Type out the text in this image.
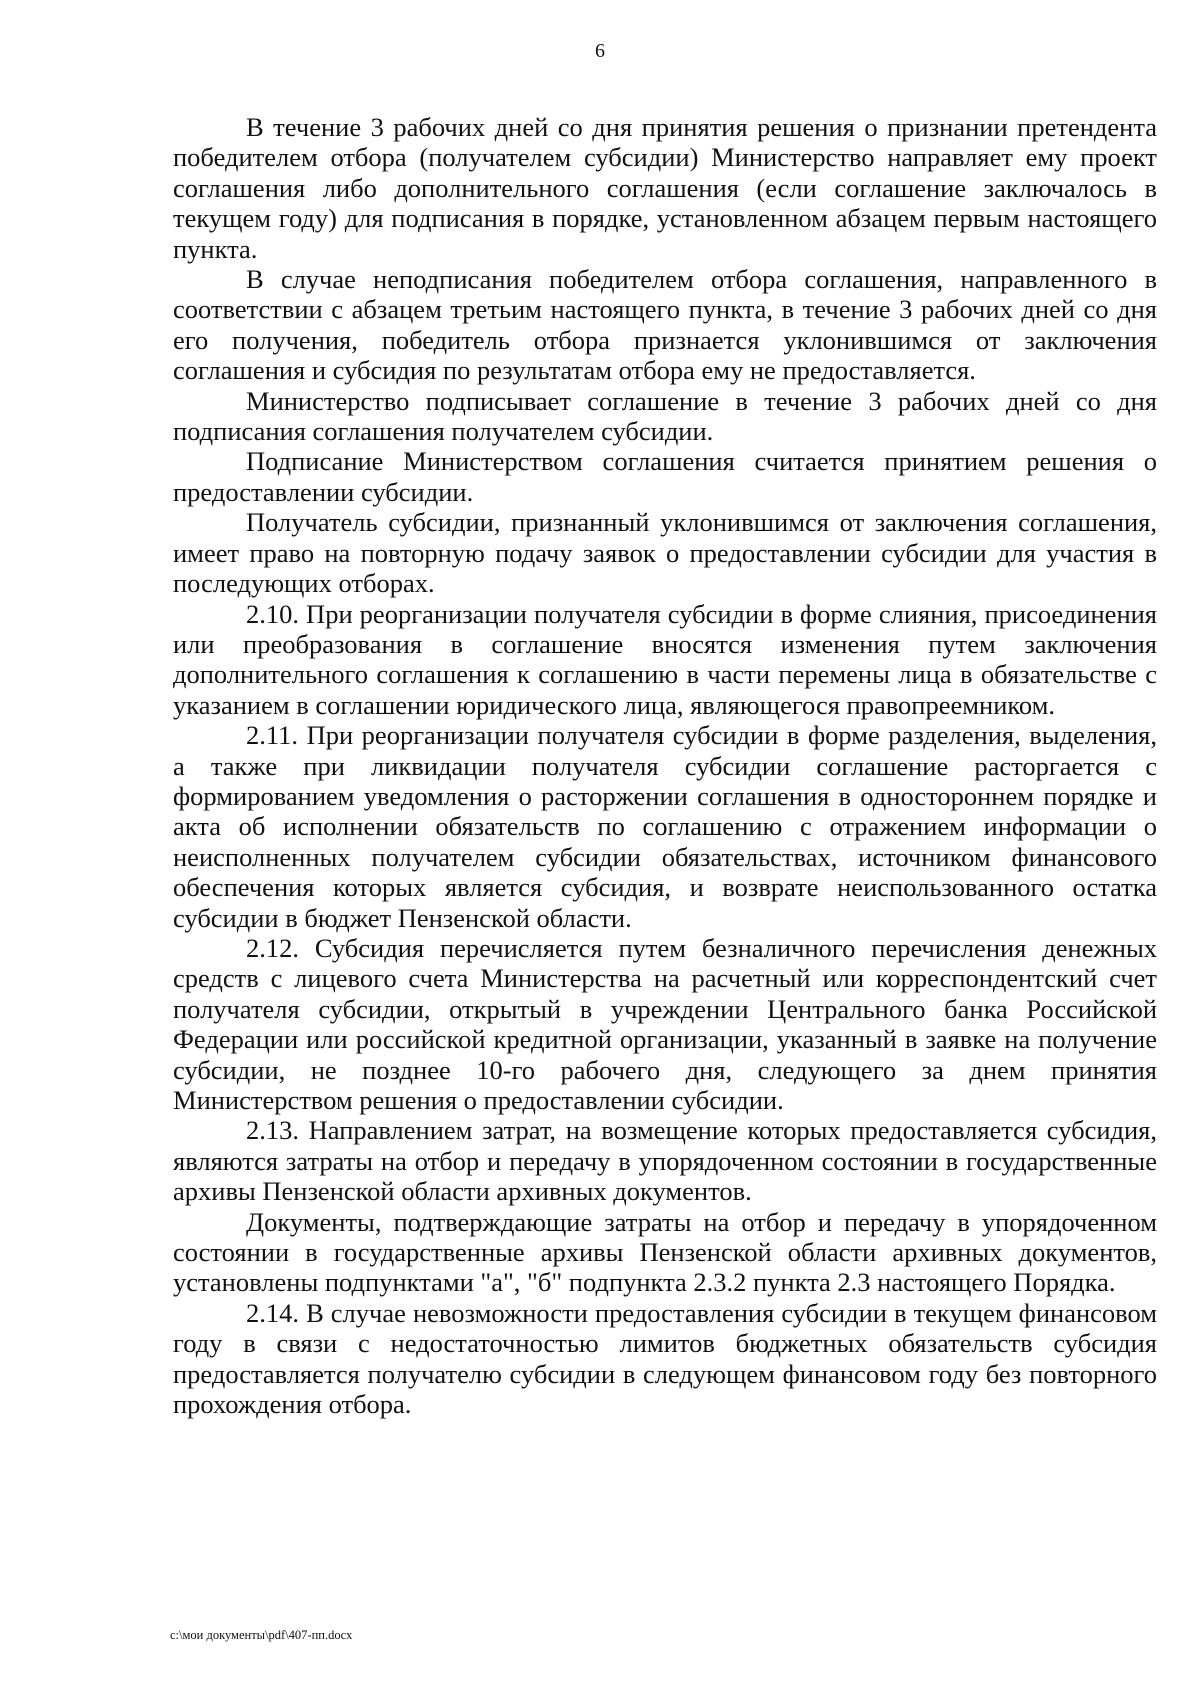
6

В течение 3 рабочих дней со дня принятия решения о признании претендента победителем отбора (получателем субсидии) Министерство направляет ему проект соглашения либо дополнительного соглашения (если соглашение заключалось в текущем году) для подписания в порядке, установленном абзацем первым настоящего пункта.

В случае неподписания победителем отбора соглашения, направленного в соответствии с абзацем третьим настоящего пункта, в течение 3 рабочих дней со дня его получения, победитель отбора признается уклонившимся от заключения соглашения и субсидия по результатам отбора ему не предоставляется.

Министерство подписывает соглашение в течение 3 рабочих дней со дня подписания соглашения получателем субсидии.

Подписание Министерством соглашения считается принятием решения о предоставлении субсидии.

Получатель субсидии, признанный уклонившимся от заключения соглашения, имеет право на повторную подачу заявок о предоставлении субсидии для участия в последующих отборах.

2.10. При реорганизации получателя субсидии в форме слияния, присоединения или преобразования в соглашение вносятся изменения путем заключения дополнительного соглашения к соглашению в части перемены лица в обязательстве с указанием в соглашении юридического лица, являющегося правопреемником.

2.11. При реорганизации получателя субсидии в форме разделения, выделения, а также при ликвидации получателя субсидии соглашение расторгается с формированием уведомления о расторжении соглашения в одностороннем порядке и акта об исполнении обязательств по соглашению с отражением информации о неисполненных получателем субсидии обязательствах, источником финансового обеспечения которых является субсидия, и возврате неиспользованного остатка субсидии в бюджет Пензенской области.

2.12. Субсидия перечисляется путем безналичного перечисления денежных средств с лицевого счета Министерства на расчетный или корреспондентский счет получателя субсидии, открытый в учреждении Центрального банка Российской Федерации или российской кредитной организации, указанный в заявке на получение субсидии, не позднее 10-го рабочего дня, следующего за днем принятия Министерством решения о предоставлении субсидии.

2.13. Направлением затрат, на возмещение которых предоставляется субсидия, являются затраты на отбор и передачу в упорядоченном состоянии в государственные архивы Пензенской области архивных документов.

Документы, подтверждающие затраты на отбор и передачу в упорядоченном состоянии в государственные архивы Пензенской области архивных документов, установлены подпунктами "а", "б" подпункта 2.3.2 пункта 2.3 настоящего Порядка.

2.14. В случае невозможности предоставления субсидии в текущем финансовом году в связи с недостаточностью лимитов бюджетных обязательств субсидия предоставляется получателю субсидии в следующем финансовом году без повторного прохождения отбора.

c:\мои документы\pdf\407-пп.docx
